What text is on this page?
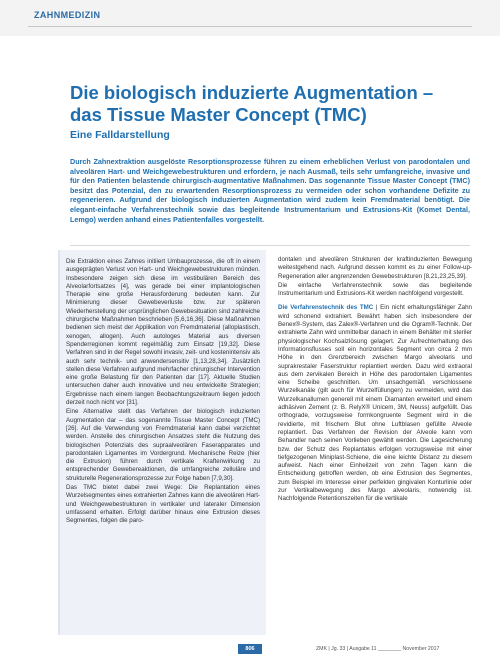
ZAHNMEDIZIN
Die biologisch induzierte Augmentation – das Tissue Master Concept (TMC)
Eine Falldarstellung
Durch Zahnextraktion ausgelöste Resorptionsprozesse führen zu einem erheblichen Verlust von parodontalen und alveolären Hart- und Weichgewebestrukturen und erfordern, je nach Ausmaß, teils sehr umfangreiche, invasive und für den Patienten belastende chirurgisch-augmentative Maßnahmen. Das sogenannte Tissue Master Concept (TMC) besitzt das Potenzial, den zu erwartenden Resorptionsprozess zu vermeiden oder schon vorhandene Defizite zu regenerieren. Aufgrund der biologisch induzierten Augmentation wird zudem kein Fremdmaterial benötigt. Die elegant-einfache Verfahrenstechnik sowie das begleitende Instrumentarium und Extrusions-Kit (Komet Dental, Lemgo) werden anhand eines Patientenfalles vorgestellt.

Die Extraktion eines Zahnes initiiert Umbauprozesse, die oft in einem ausgeprägten Verlust von Hart- und Weichgewebestrukturen münden. Insbesondere zeigen sich diese im vestibulären Bereich des Alveolarfortsatzes [4], was gerade bei einer implantologischen Therapie eine große Herausforderung bedeuten kann. Zur Minimierung dieser Gewebeverluste bzw. zur späteren Wiederherstellung der ursprünglichen Gewebesituation sind zahlreiche chirurgische Maßnahmen beschrieben [5,6,16,36]. Diese Maßnahmen bedienen sich meist der Applikation von Fremdmaterial (alloplastisch, xenogen, allogen). Auch autologes Material aus diversen Spenderregionen kommt regelmäßig zum Einsatz [19,32]. Diese Verfahren sind in der Regel sowohl invasiv, zeit- und kostenintensiv als auch sehr technik- und anwendersensitiv [1,13,28,34]. Zusätzlich stellen diese Verfahren aufgrund mehrfacher chirurgischer Intervention eine große Belastung für den Patienten dar [17]. Aktuelle Studien untersuchen daher auch innovative und neu entwickelte Strategien; Ergebnisse nach einem langen Beobachtungszeitraum liegen jedoch derzeit noch nicht vor [31].

Eine Alternative stellt das Verfahren der biologisch induzierten Augmentation dar – das sogenannte Tissue Master Concept (TMC) [26]. Auf die Verwendung von Fremdmaterial kann dabei verzichtet werden. Anstelle des chirurgischen Ansatzes steht die Nutzung des biologischen Potenzials des supraalveolären Faserapparates und parodontalen Ligamentes im Vordergrund. Mechanische Reize (hier die Extrusion) führen durch vertikale Kraftenwirkung zu entsprechender Gewebereaktionen, die umfangreiche zelluläre und strukturelle Regenerationsprozesse zur Folge haben [7,9,30].

Das TMC bietet dabei zwei Wege: Die Replantation eines Wurzelsegmentes eines extrahierten Zahnes kann die alveolären Hart- und Weichgewebestrukturen in vertikaler und lateraler Dimension umfassend erhalten. Erfolgt darüber hinaus eine Extrusion dieses Segmentes, folgen die paro-

dontalen und alveolären Strukturen der kraftinduzierten Bewegung weitestgehend nach. Aufgrund dessen kommt es zu einer Follow-up-Regeneration aller angrenzenden Gewebestrukturen [8,21,23,25,39].

Die einfache Verfahrenstechnik sowie das begleitende Instrumentarium und Extrusions-Kit werden nachfolgend vorgestellt.

Die Verfahrenstechnik des TMC | Ein nicht erhaltungsfähiger Zahn wird schonend extrahiert. Bewährt haben sich insbesondere der Benex®-System, das Zalex®-Verfahren und die Ogram®-Technik. Der extrahierte Zahn wird unmittelbar danach in einem Behälter mit steriler physiologischer Kochsalzlösung gelagert. Zur Aufrechterhaltung des Informationsflusses soll ein horizontales Segment von circa 2 mm Höhe in den Grenzbereich zwischen Margo alveolaris und suprakrestaler Faserstruktur replantiert werden. Dazu wird extraoral aus dem zervikalen Bereich in Höhe des parodontalen Ligamentes eine Scheibe geschnitten. Um unsachgemäß verschlossene Wurzelkanäle (gilt auch für Wurzelfüllungen) zu vermeiden, wird das Wurzelkanallumen generell mit einem Diamanten erweitert und einem adhäsiven Zement (z. B. RelyX® Unicem, 3M, Neuss) aufgefüllt. Das orthograde, vorzugsweise formkongruente Segment wird in die revidierte, mit frischem Blut ohne Luftblasen gefüllte Alveole replantiert. Das Verfahren der Revision der Alveole kann vom Behandler nach seinen Vorlieben gewählt werden. Die Lagesicherung bzw. der Schutz des Replantates erfolgen vorzugsweise mit einer tiefgezogenen Miniplast-Schiene, die eine leichte Distanz zu diesem aufweist. Nach einer Einheilzeit von zehn Tagen kann die Entscheidung getroffen werden, ob eine Extrusion des Segmentes, zum Beispiel im Interesse einer perfekten gingivalen Konturlinie oder zur Vertikalbewegung des Margo alveolaris, notwendig ist. Nachfolgende Retentionszeiten für die vertikale

806	ZMK | Jg. 33 | Ausgabe 11 ________ November 2017
